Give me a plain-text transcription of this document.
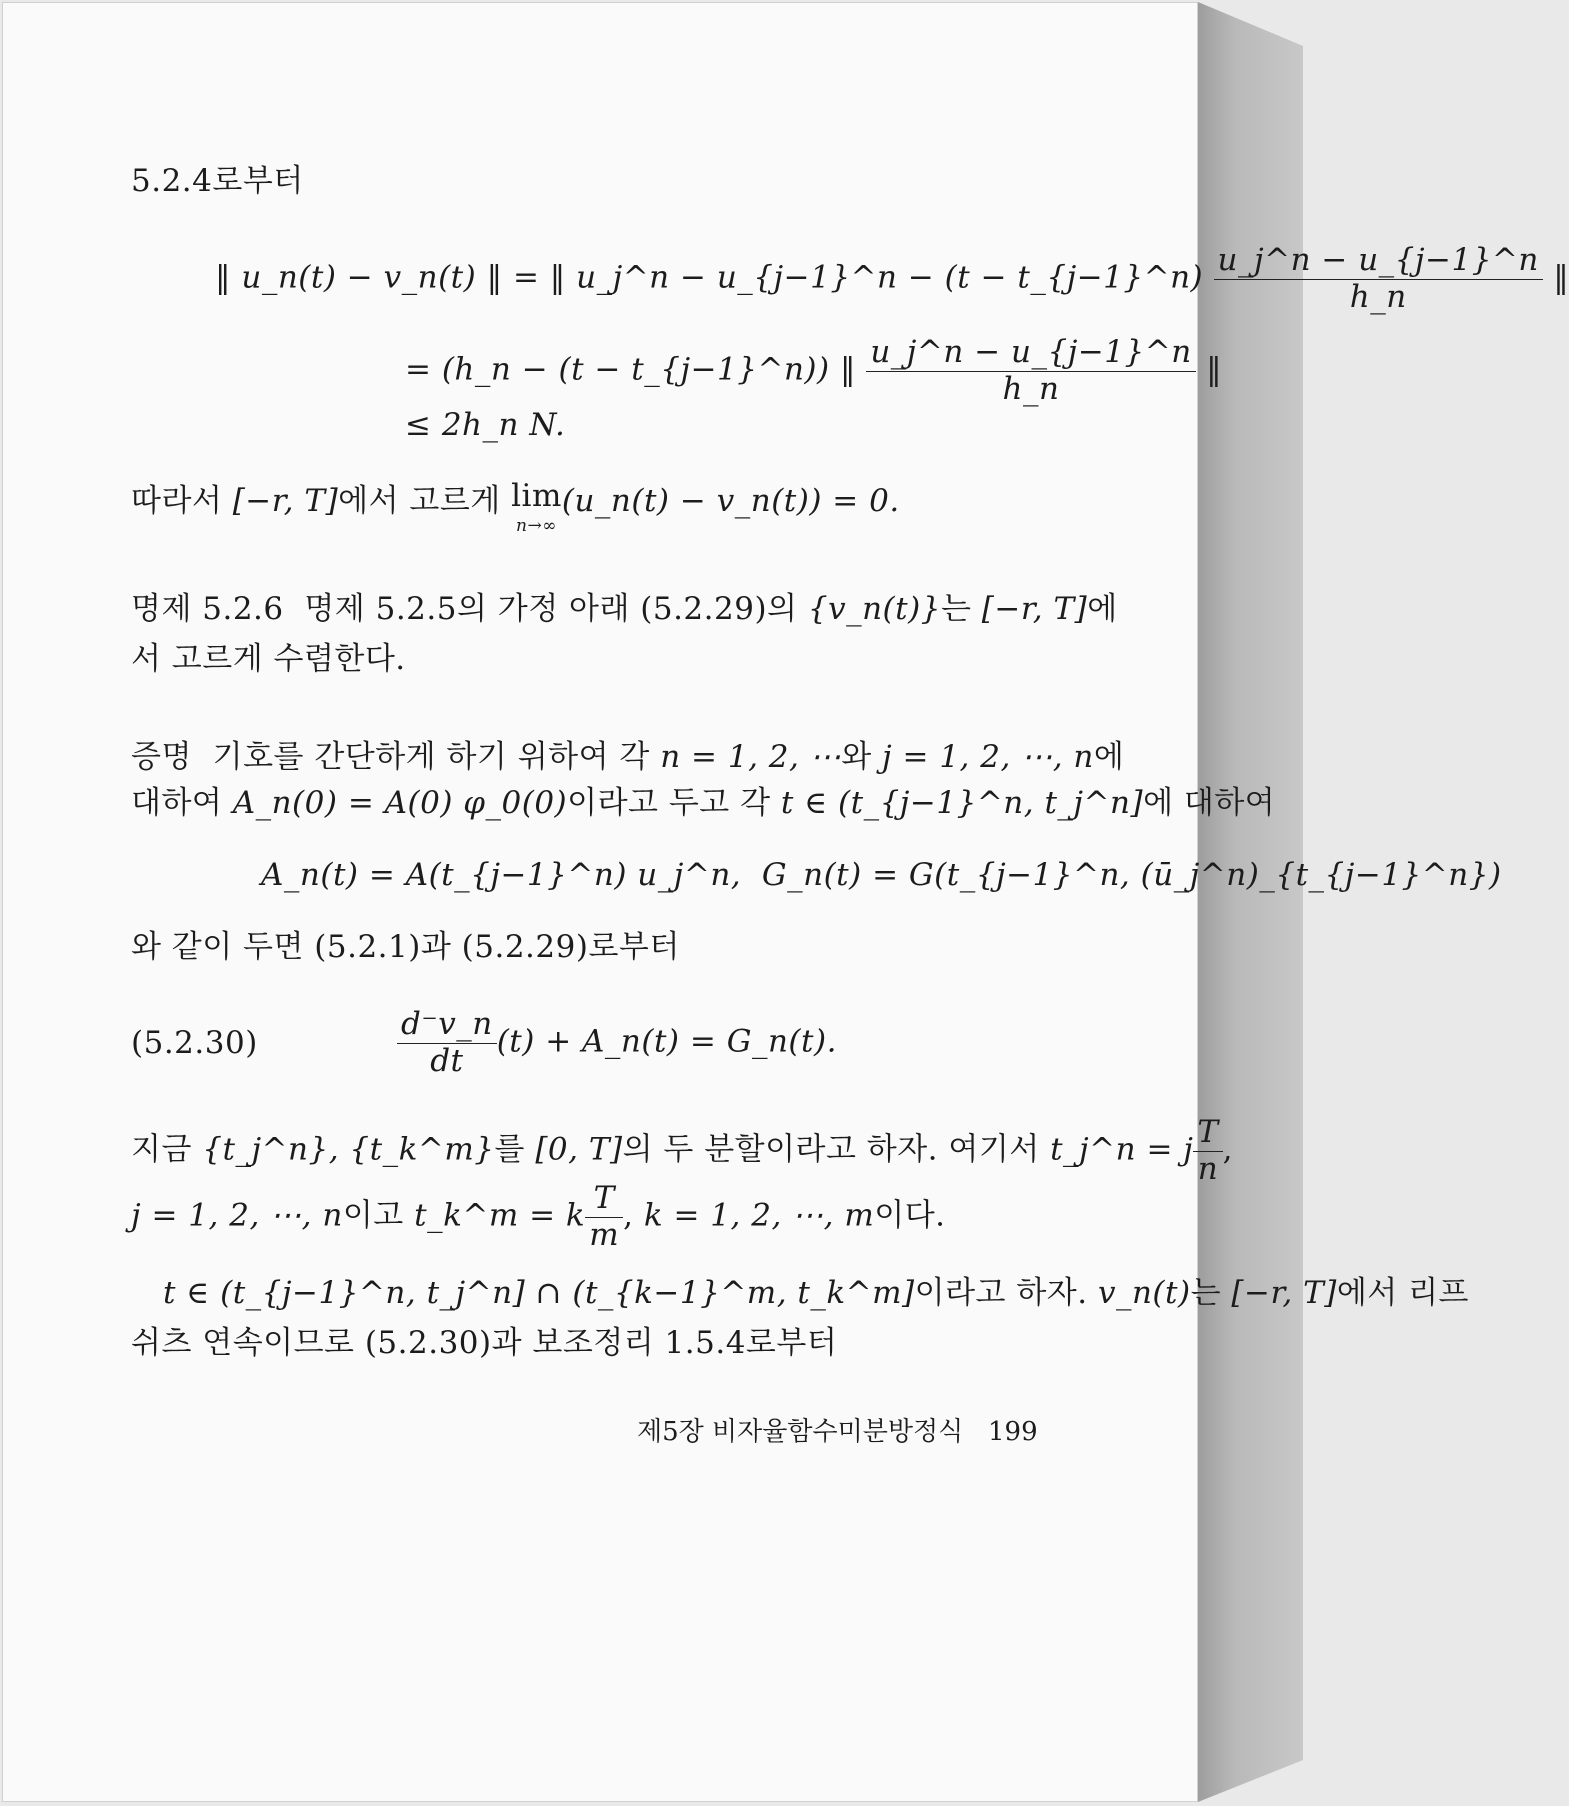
5.2.4로부터
‖ u_n(t) − v_n(t) ‖ = ‖ u_j^n − u_{j−1}^n − (t − t_{j−1}^n) $\frac{u\_j\^{}n - u\_\{j-1\}\^{}n}{h\_n}$ ‖
= (h_n − (t − t_{j−1}^n)) ‖ $\frac{u\_j\^{}n - u\_\{j-1\}\^{}n}{h\_n}$ ‖
≤ 2h_n N.
따라서 [−r, T]에서 고르게 lim
n→∞
(u_n(t) − v_n(t)) = 0.
명제 5.2.6 명제 5.2.5의 가정 아래 (5.2.29)의 {v_n(t)}는 [−r, T]에
서 고르게 수렴한다.
증명 기호를 간단하게 하기 위하여 각 n = 1, 2, ⋯와 j = 1, 2, ⋯, n에
대하여 A_n(0) = A(0) φ_0(0)이라고 두고 각 t ∈ (t_{j−1}^n, t_j^n]에 대하여
A_n(t) = A(t_{j−1}^n) u_j^n, G_n(t) = G(t_{j−1}^n, (ū_j^n)_{t_{j−1}^n})
와 같이 두면 (5.2.1)과 (5.2.29)로부터
(5.2.30)	$\frac{d^-v\_n}{dt} (t)$ + A_n(t) = G_n(t).
지금 {t_j^n}, {t_k^m}를 [0, T]의 두 분할이라고 하자. 여기서 t_j^n = j $\frac{T}{n}$ ,
j = 1, 2, ⋯, n이고 t_k^m = k $\frac{T}{m}$ , k = 1, 2, ⋯, m이다.
t ∈ (t_{j−1}^n, t_j^n] ∩ (t_{k−1}^m, t_k^m]이라고 하자. v_n(t)는 [−r, T]에서 리프
쉬츠 연속이므로 (5.2.30)과 보조정리 1.5.4로부터
제5장 비자율함수미분방정식 199
